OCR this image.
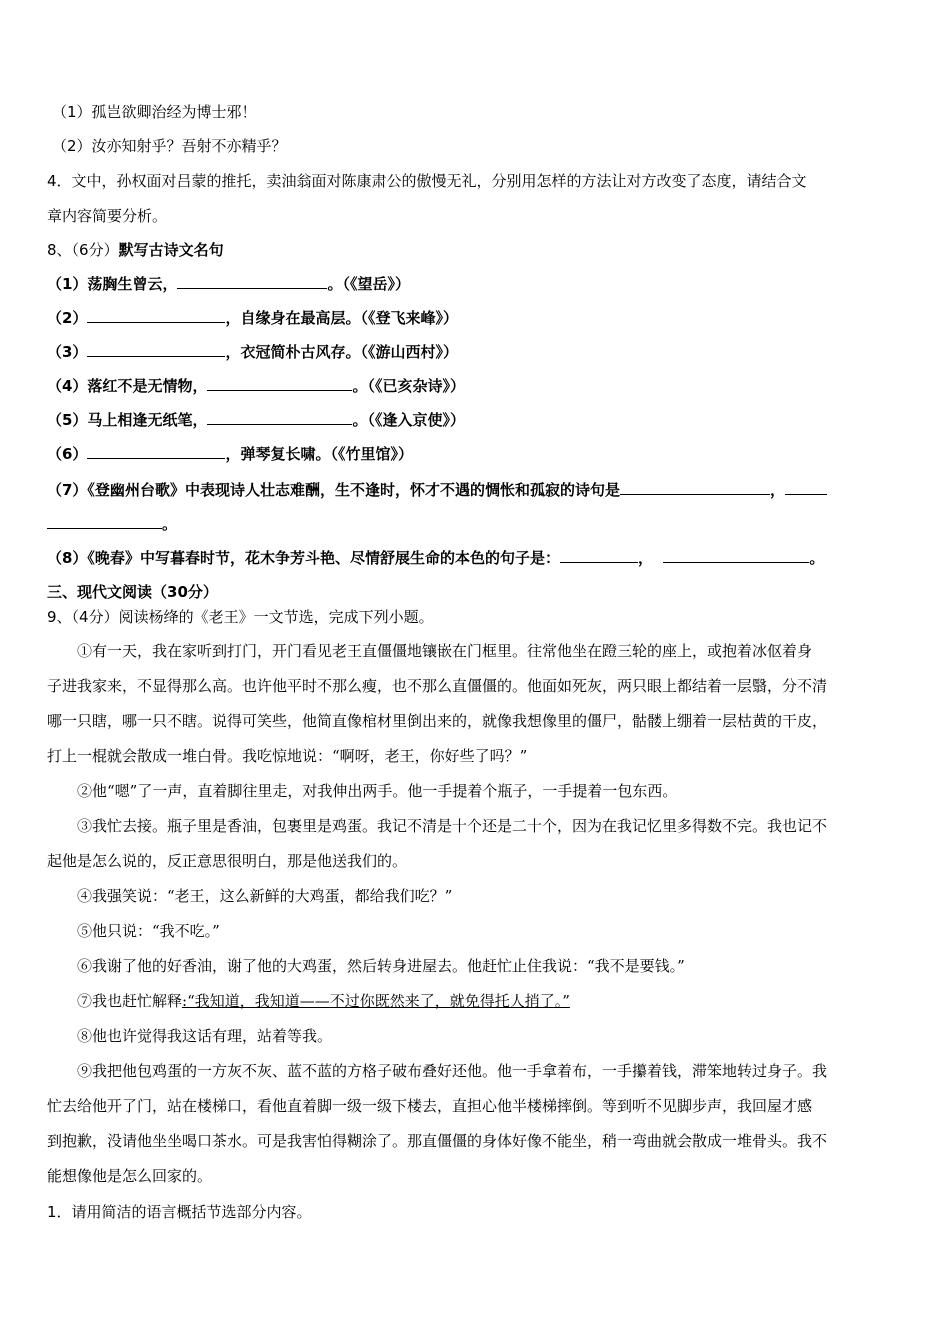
（1）孤岂欲卿治经为博士邪！
（2）汝亦知射乎？吾射不亦精乎？
4．文中，孙权面对吕蒙的推托，卖油翁面对陈康肃公的傲慢无礼，分别用怎样的方法让对方改变了态度，请结合文
章内容简要分析。
8、（6分）默写古诗文名句
（1）荡胸生曾云，	。（《望岳》）
（2）	，自缘身在最高层。（《登飞来峰》）
（3）	，衣冠简朴古风存。（《游山西村》）
（4）落红不是无情物，	。（《已亥杂诗》）
（5）马上相逢无纸笔，	。（《逢入京使》）
（6）	，弹琴复长啸。（《竹里馆》）
（7）《登幽州台歌》中表现诗人壮志难酬，生不逢时，怀才不遇的惆怅和孤寂的诗句是	，
。
（8）《晚春》中写暮春时节，花木争芳斗艳、尽情舒展生命的本色的句子是：	，	。
三、现代文阅读（30分）
9、（4分）阅读杨绛的《老王》一文节选，完成下列小题。
①有一天，我在家听到打门，开门看见老王直僵僵地镶嵌在门框里。往常他坐在蹬三轮的座上，或抱着冰伛着身
子进我家来，不显得那么高。也许他平时不那么瘦，也不那么直僵僵的。他面如死灰，两只眼上都结着一层翳，分不清
哪一只瞎，哪一只不瞎。说得可笑些，他简直像棺材里倒出来的，就像我想像里的僵尸，骷髅上绷着一层枯黄的干皮，
打上一棍就会散成一堆白骨。我吃惊地说：“啊呀，老王，你好些了吗？”
②他“嗯”了一声，直着脚往里走，对我伸出两手。他一手提着个瓶子，一手提着一包东西。
③我忙去接。瓶子里是香油，包裹里是鸡蛋。我记不清是十个还是二十个，因为在我记忆里多得数不完。我也记不
起他是怎么说的，反正意思很明白，那是他送我们的。
④我强笑说：“老王，这么新鲜的大鸡蛋，都给我们吃？”
⑤他只说：“我不吃。”
⑥我谢了他的好香油，谢了他的大鸡蛋，然后转身进屋去。他赶忙止住我说：“我不是要钱。”
⑦我也赶忙解释:“我知道，我知道——不过你既然来了，就免得托人捎了。”
⑧他也许觉得我这话有理，站着等我。
⑨我把他包鸡蛋的一方灰不灰、蓝不蓝的方格子破布叠好还他。他一手拿着布，一手攥着钱，滞笨地转过身子。我
忙去给他开了门，站在楼梯口，看他直着脚一级一级下楼去，直担心他半楼梯摔倒。等到听不见脚步声，我回屋才感
到抱歉，没请他坐坐喝口茶水。可是我害怕得糊涂了。那直僵僵的身体好像不能坐，稍一弯曲就会散成一堆骨头。我不
能想像他是怎么回家的。
1．请用简洁的语言概括节选部分内容。
